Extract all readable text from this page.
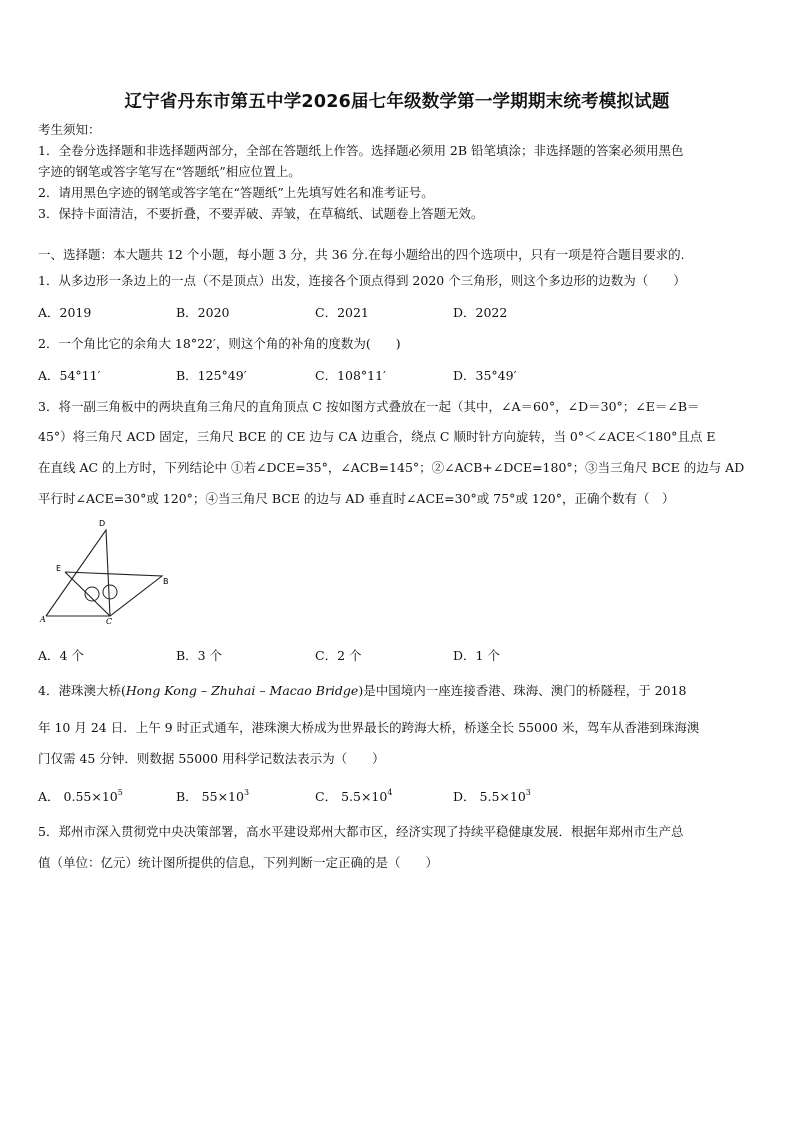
辽宁省丹东市第五中学2026届七年级数学第一学期期末统考模拟试题
考生须知：
1．全卷分选择题和非选择题两部分，全部在答题纸上作答。选择题必须用 2B 铅笔填涂；非选择题的答案必须用黑色
字迹的钢笔或答字笔写在“答题纸”相应位置上。
2．请用黑色字迹的钢笔或答字笔在“答题纸”上先填写姓名和准考证号。
3．保持卡面清洁，不要折叠，不要弄破、弄皱，在草稿纸、试题卷上答题无效。
一、选择题：本大题共 12 个小题，每小题 3 分，共 36 分.在每小题给出的四个选项中，只有一项是符合题目要求的.
1．从多边形一条边上的一点（不是顶点）出发，连接各个顶点得到 2020 个三角形，则这个多边形的边数为（　　）
A．2019	B．2020	C．2021	D．2022
2．一个角比它的余角大 18°22′，则这个角的补角的度数为(　　)
A．54°11′	B．125°49′	C．108°11′	D．35°49′
3．将一副三角板中的两块直角三角尺的直角顶点 C 按如图方式叠放在一起（其中，∠A＝60°，∠D＝30°；∠E＝∠B＝
45°）将三角尺 ACD 固定，三角尺 BCE 的 CE 边与 CA 边重合，绕点 C 顺时针方向旋转，当 0°＜∠ACE＜180°且点 E
在直线 AC 的上方时，下列结论中 ①若∠DCE=35°，∠ACB=145°；②∠ACB+∠DCE=180°；③当三角尺 BCE 的边与 AD
平行时∠ACE=30°或 120°；④当三角尺 BCE 的边与 AD 垂直时∠ACE=30°或 75°或 120°，正确个数有（　）
D
E
B
A	C
A．4 个	B．3 个	C．2 个	D．1 个
4．港珠澳大桥(Hong Kong – Zhuhai – Macao Bridge)是中国境内一座连接香港、珠海、澳门的桥隧程，于 2018
年 10 月 24 日．上午 9 时正式通车，港珠澳大桥成为世界最长的跨海大桥，桥遂全长 55000 米，驾车从香港到珠海澳
门仅需 45 分钟．则数据 55000 用科学记数法表示为（　　）
A． $0.55\times 10^5$	B． $55\times 10^3$	C． $5.5\times 10^4$	D． $5.5\times 10^3$
5．郑州市深入贯彻党中央决策部署，高水平建设郑州大都市区，经济实现了持续平稳健康发展．根据年郑州市生产总
值（单位：亿元）统计图所提供的信息，下列判断一定正确的是（　　）
